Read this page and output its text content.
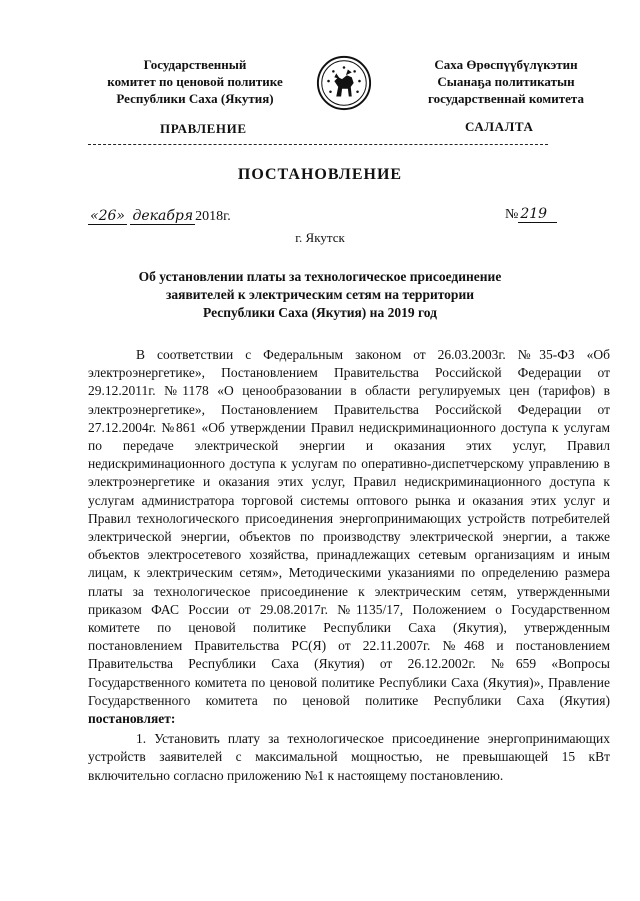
Государственный
комитет по ценовой политике
Республики Саха (Якутия)
Саха Өрөспүүбүлүкэтин
Сыанаҕа политикатын
государственнай комитета
ПРАВЛЕНИЕ	САЛАЛТА
ПОСТАНОВЛЕНИЕ
«26» декабря 2018г.	№ 219
г. Якутск
Об установлении платы за технологическое присоединение
заявителей к электрическим сетям на территории
Республики Саха (Якутия) на 2019 год

В соответствии с Федеральным законом от 26.03.2003г. №35-ФЗ «Об электроэнергетике», Постановлением Правительства Российской Федерации от 29.12.2011г. №1178 «О ценообразовании в области регулируемых цен (тарифов) в электроэнергетике», Постановлением Правительства Российской Федерации от 27.12.2004г. №861 «Об утверждении Правил недискриминационного доступа к услугам по передаче электрической энергии и оказания этих услуг, Правил недискриминационного доступа к услугам по оперативно-диспетчерскому управлению в электроэнергетике и оказания этих услуг, Правил недискриминационного доступа к услугам администратора торговой системы оптового рынка и оказания этих услуг и Правил технологического присоединения энергопринимающих устройств потребителей электрической энергии, объектов по производству электрической энергии, а также объектов электросетевого хозяйства, принадлежащих сетевым организациям и иным лицам, к электрическим сетям», Методическими указаниями по определению размера платы за технологическое присоединение к электрическим сетям, утвержденными приказом ФАС России от 29.08.2017г. №1135/17, Положением о Государственном комитете по ценовой политике Республики Саха (Якутия), утвержденным постановлением Правительства РС(Я) от 22.11.2007г. №468 и постановлением Правительства Республики Саха (Якутия) от 26.12.2002г. №659 «Вопросы Государственного комитета по ценовой политике Республики Саха (Якутия)», Правление Государственного комитета по ценовой политике Республики Саха (Якутия) постановляет:

1. Установить плату за технологическое присоединение энергопринимающих устройств заявителей с максимальной мощностью, не превышающей 15 кВт включительно согласно приложению №1 к настоящему постановлению.
